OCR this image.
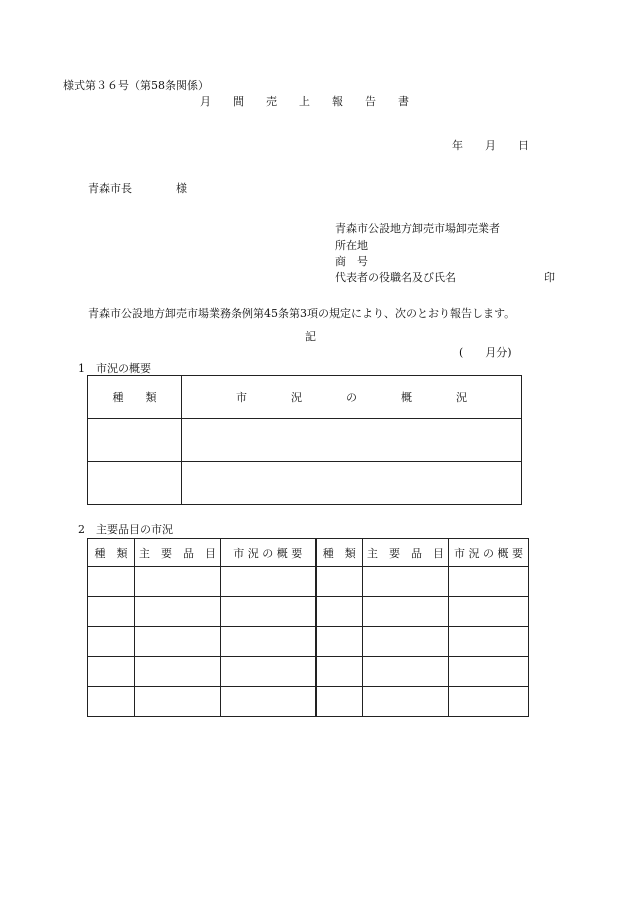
様式第３６号（第58条関係）
月　　間　　売　　上　　報　　告　　書
年　　月　　日
青森市長　　　　様
青森市公設地方卸売市場卸売業者
所在地
商　号
代表者の役職名及び氏名	印
青森市公設地方卸売市場業務条例第45条第3項の規定により、次のとおり報告します。
記
(　　月分)
1　市況の概要
種　　類	市　　　　況　　　　の　　　　概　　　　況

2　主要品目の市況
種　類	主　要　品　目	市 況 の 概 要	種　類	主　要　品　目	市 況 の 概 要
